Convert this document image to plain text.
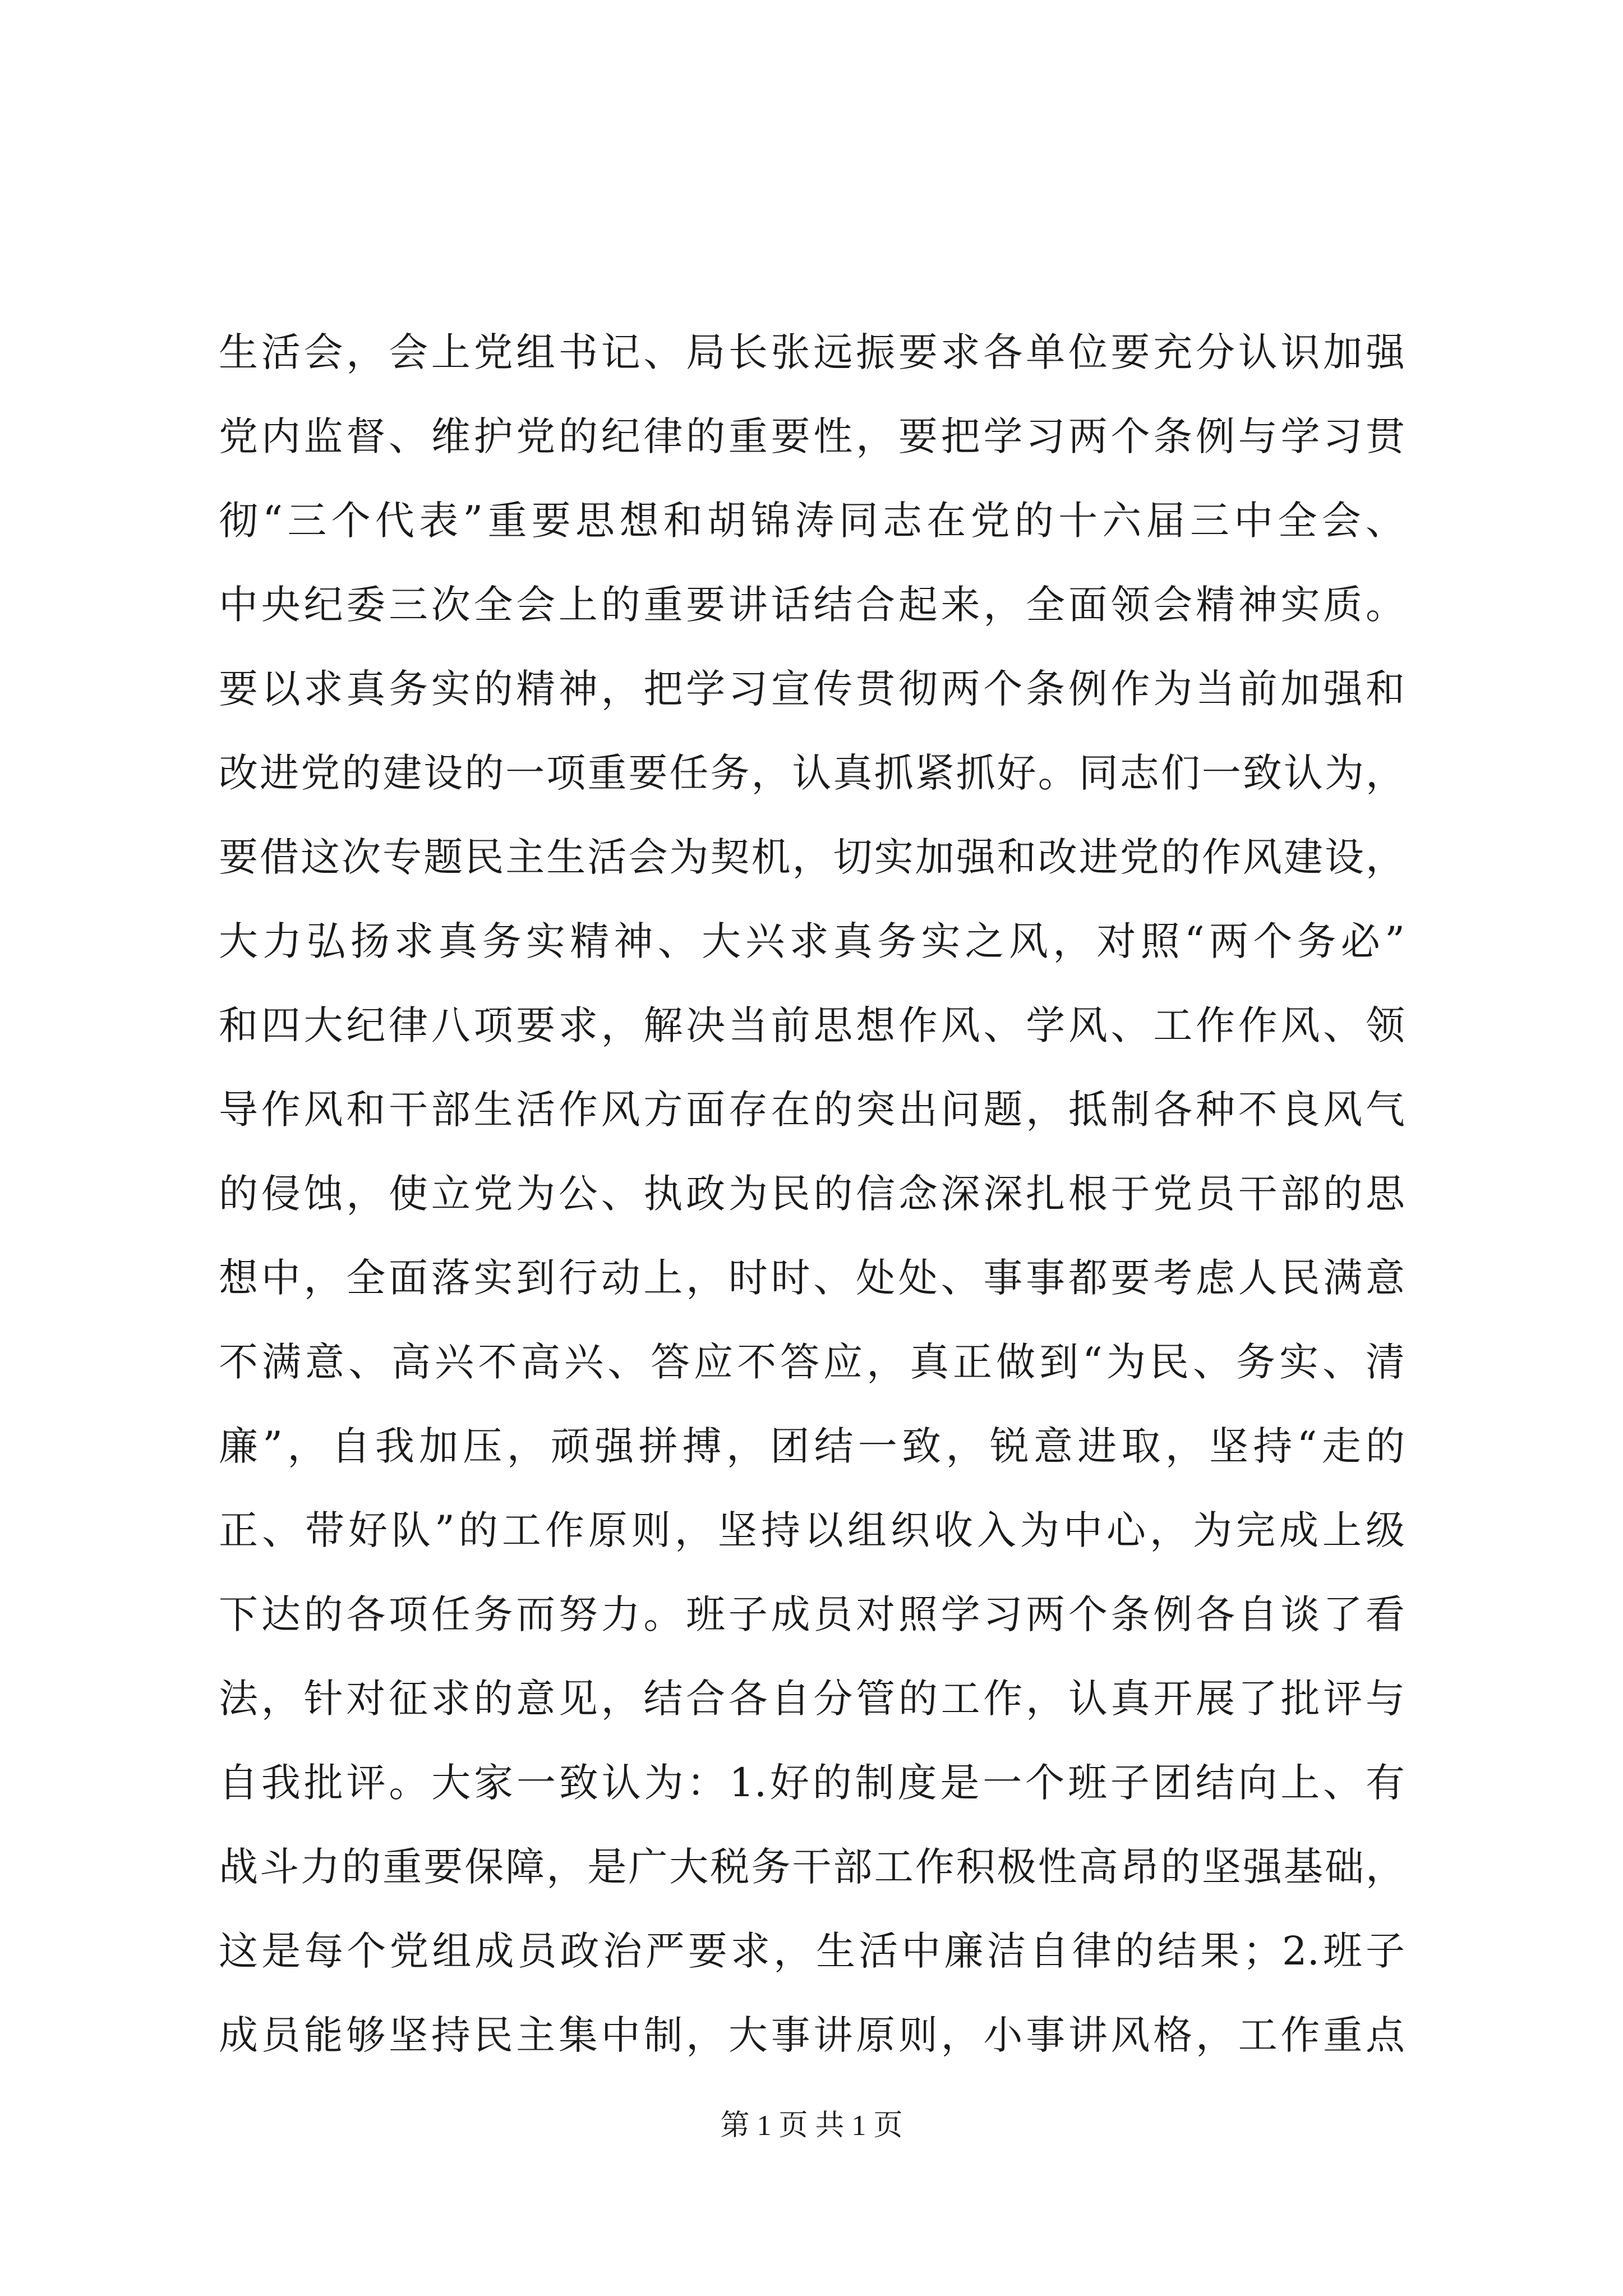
生活会，会上党组书记、局长张远振要求各单位要充分认识加强
党内监督、维护党的纪律的重要性，要把学习两个条例与学习贯
彻“三个代表”重要思想和胡锦涛同志在党的十六届三中全会、
中央纪委三次全会上的重要讲话结合起来，全面领会精神实质。
要以求真务实的精神，把学习宣传贯彻两个条例作为当前加强和
改进党的建设的一项重要任务，认真抓紧抓好。同志们一致认为，
要借这次专题民主生活会为契机，切实加强和改进党的作风建设，
大力弘扬求真务实精神、大兴求真务实之风，对照“两个务必”
和四大纪律八项要求，解决当前思想作风、学风、工作作风、领
导作风和干部生活作风方面存在的突出问题，抵制各种不良风气
的侵蚀，使立党为公、执政为民的信念深深扎根于党员干部的思
想中，全面落实到行动上，时时、处处、事事都要考虑人民满意
不满意、高兴不高兴、答应不答应，真正做到“为民、务实、清
廉”，自我加压，顽强拼搏，团结一致，锐意进取，坚持“走的
正、带好队”的工作原则，坚持以组织收入为中心，为完成上级
下达的各项任务而努力。班子成员对照学习两个条例各自谈了看
法，针对征求的意见，结合各自分管的工作，认真开展了批评与
自我批评。大家一致认为：1.好的制度是一个班子团结向上、有
战斗力的重要保障，是广大税务干部工作积极性高昂的坚强基础，
这是每个党组成员政治严要求，生活中廉洁自律的结果；2.班子
成员能够坚持民主集中制，大事讲原则，小事讲风格，工作重点
第 1 页 共 1 页
